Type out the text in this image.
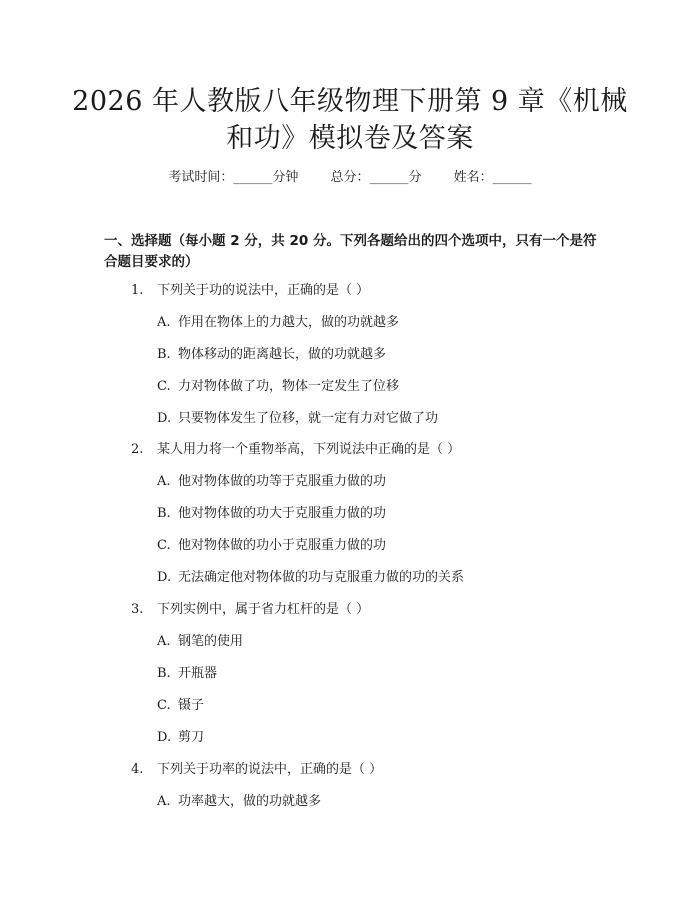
2026 年人教版八年级物理下册第 9 章《机械
和功》模拟卷及答案
考试时间：______分钟 总分：______分 姓名：______
一、选择题（每小题 2 分，共 20 分。下列各题给出的四个选项中，只有一个是符
合题目要求的）
1.	下列关于功的说法中，正确的是（ ）
A. 作用在物体上的力越大，做的功就越多
B. 物体移动的距离越长，做的功就越多
C. 力对物体做了功，物体一定发生了位移
D. 只要物体发生了位移，就一定有力对它做了功
2.	某人用力将一个重物举高，下列说法中正确的是（ ）
A. 他对物体做的功等于克服重力做的功
B. 他对物体做的功大于克服重力做的功
C. 他对物体做的功小于克服重力做的功
D. 无法确定他对物体做的功与克服重力做的功的关系
3.	下列实例中，属于省力杠杆的是（ ）
A. 钢笔的使用
B. 开瓶器
C. 镊子
D. 剪刀
4.	下列关于功率的说法中，正确的是（ ）
A. 功率越大，做的功就越多
